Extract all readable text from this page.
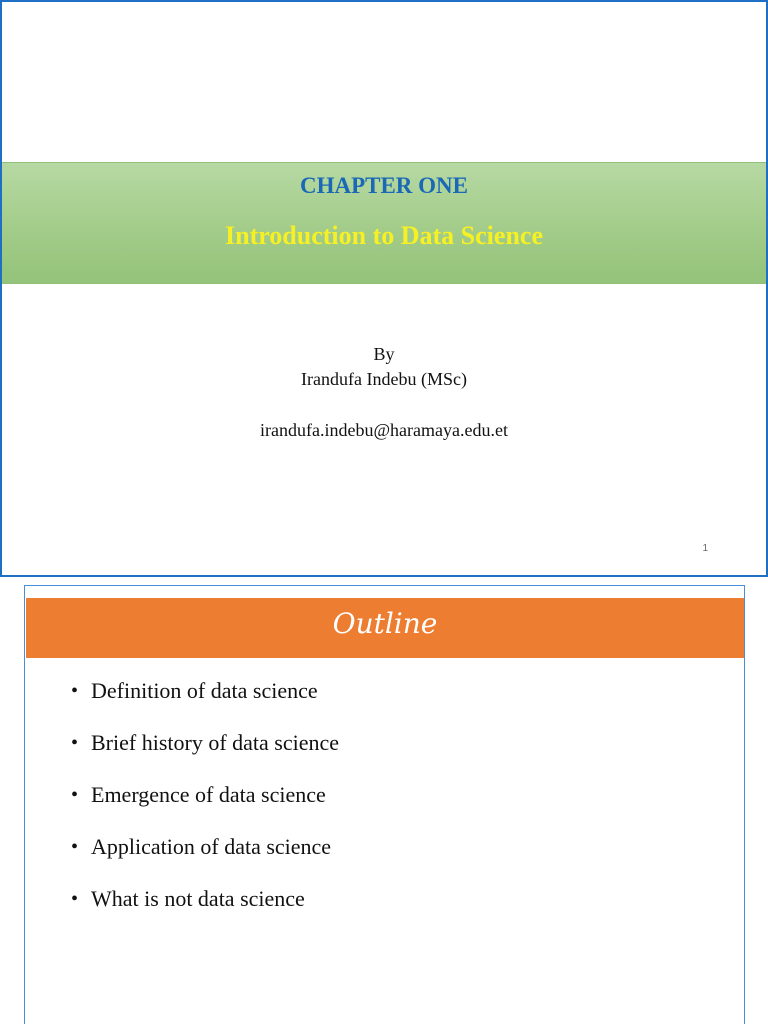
CHAPTER ONE
Introduction to Data Science
By
Irandufa Indebu (MSc)
irandufa.indebu@haramaya.edu.et
1
Outline
• Definition of data science
• Brief history of data science
• Emergence of data science
• Application of data science
• What is not data science
